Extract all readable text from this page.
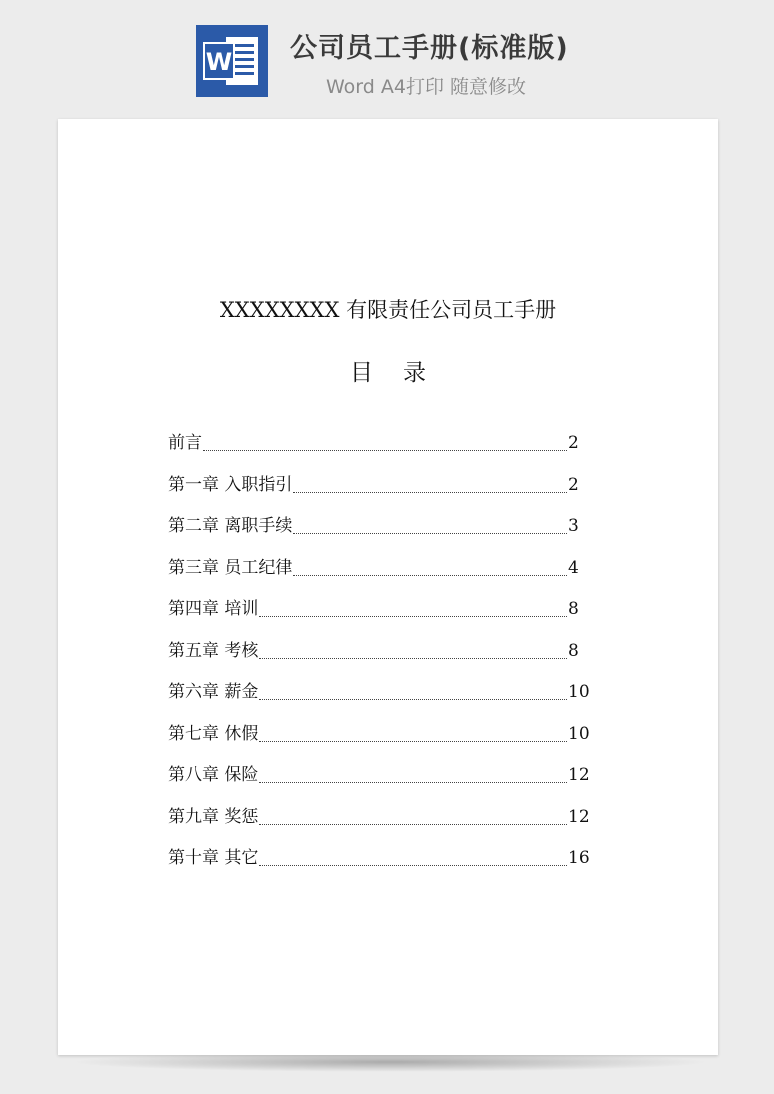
W 公司员工手册(标准版)
Word A4打印 随意修改
XXXXXXXX 有限责任公司员工手册
目录
前言	2
第一章 入职指引	2
第二章 离职手续	3
第三章 员工纪律	4
第四章 培训	8
第五章 考核	8
第六章 薪金	10
第七章 休假	10
第八章 保险	12
第九章 奖惩	12
第十章 其它	16
